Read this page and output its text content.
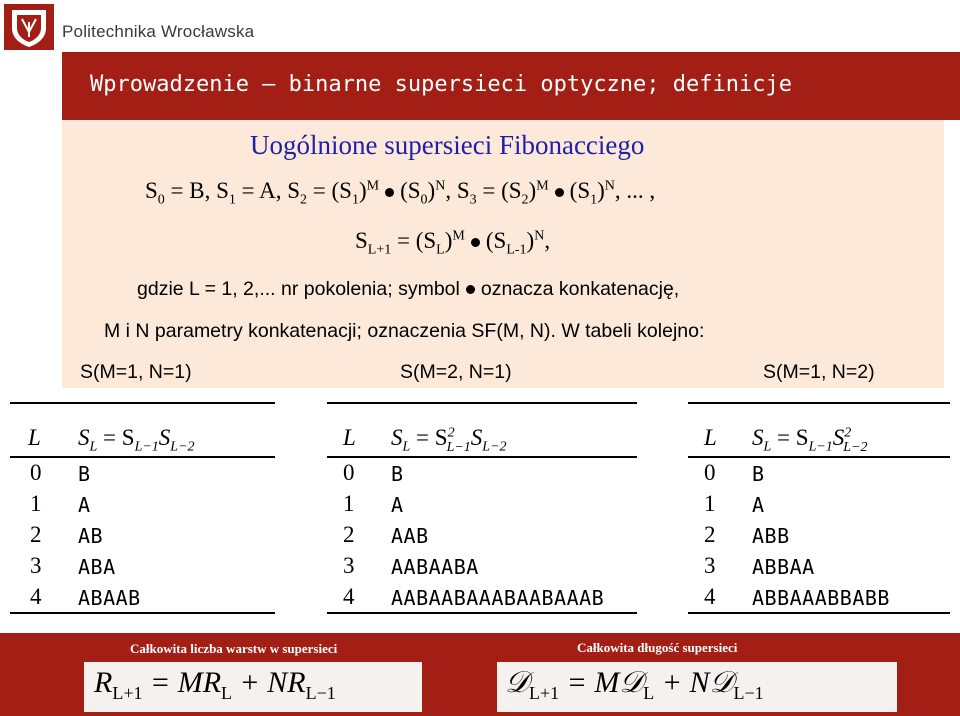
Politechnika Wrocławska
Wprowadzenie — binarne supersieci optyczne; definicje
Uogólnione supersieci Fibonacciego
$S_0 = B$, $S_1 = A$, $S_2 = (S_1)^M$ $(S_0)^N$, $S_3 = (S_2)^M$ $(S_1)^N$, ... ,
$S_{L+1} = (S_L)^M$ $(S_{L-1})^N$,
gdzie L = 1, 2,... nr pokolenia; symbol oznacza konkatenację,
M i N parametry konkatenacji; oznaczenia SF(M, N). W tabeli kolejno:
S(M=1, N=1)	S(M=2, N=1)	S(M=1, N=2)
L $S_L = S_{L-1}S_{L-2}$
0 B
1 A
2 AB
3 ABA
4 ABAAB
L $S_L = S^2_{L-1}S_{L-2}$
0 B
1 A
2 AAB
3 AABAABA
4 AABAABAAABAABAAAB
L $S_L = S_{L-1}S^2_{L-2}$
0 B
1 A
2 ABB
3 ABBAA
4 ABBAAABBABB
Całkowita liczba warstw w supersieci	Całkowita długość supersieci
$R_{L+1} = MR_L + NR_{L-1}$	𝒟$_{L+1}$ = M𝒟$_L$ + N𝒟$_{L-1}$
